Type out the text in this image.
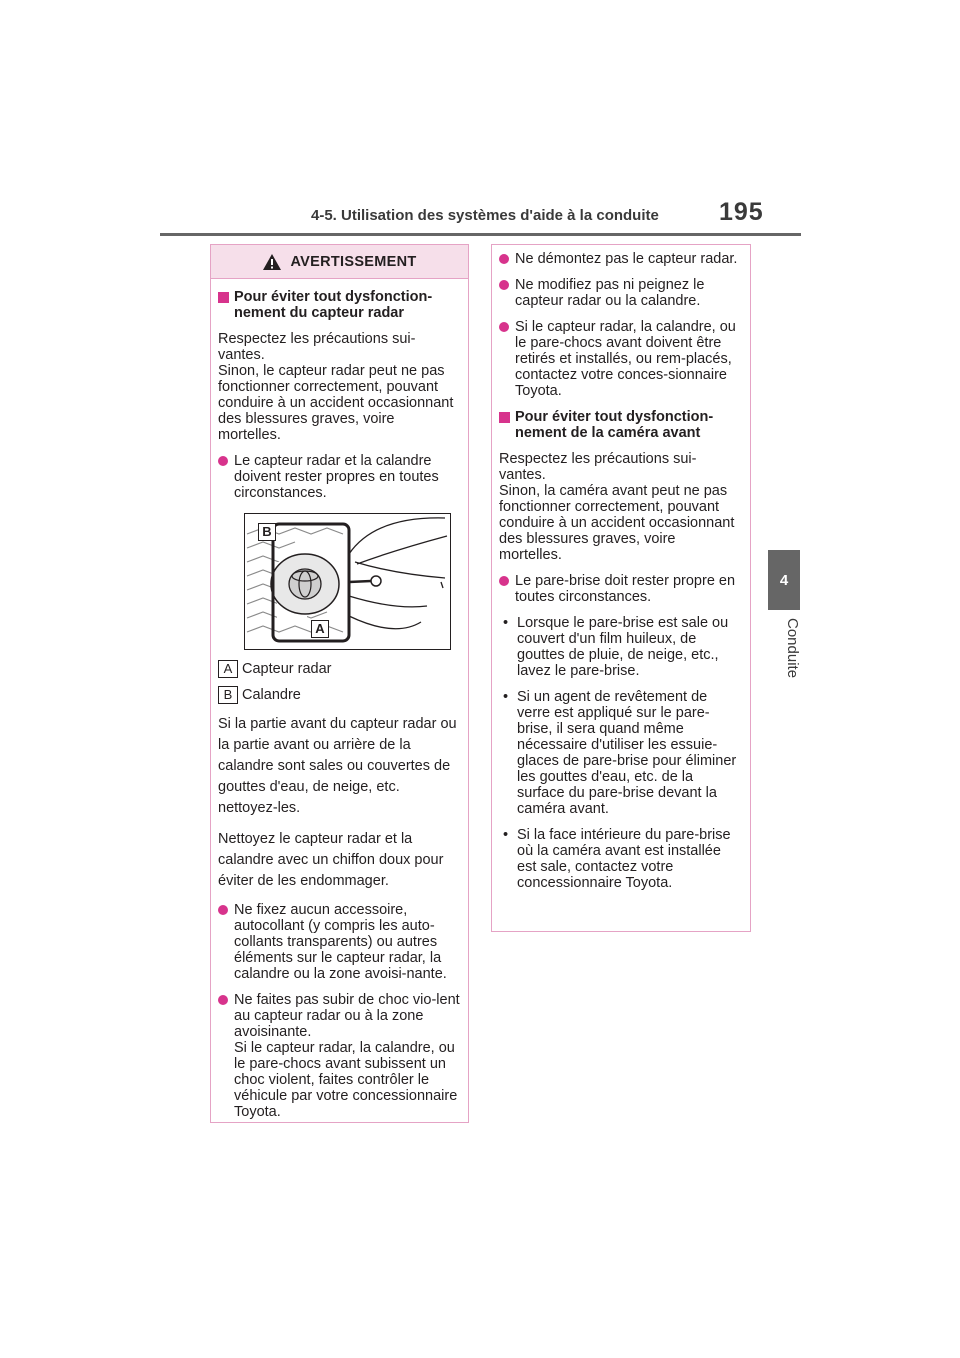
4-5. Utilisation des systèmes d'aide à la conduite 195
4
Conduite
AVERTISSEMENT
Pour éviter tout dysfonction-nement du capteur radar

Respectez les précautions sui-vantes.

Sinon, le capteur radar peut ne pas fonctionner correctement, pouvant conduire à un accident occasionnant des blessures graves, voire mortelles.
Le capteur radar et la calandre doivent rester propres en toutes circonstances.
B
A
A Capteur radar
B Calandre

Si la partie avant du capteur radar ou la partie avant ou arrière de la calandre sont sales ou couvertes de gouttes d'eau, de neige, etc. nettoyez-les.

Nettoyez le capteur radar et la calandre avec un chiffon doux pour éviter de les endommager.

Ne fixez aucun accessoire, autocollant (y compris les auto-collants transparents) ou autres éléments sur le capteur radar, la calandre ou la zone avoisi-nante.
Ne faites pas subir de choc vio-lent au capteur radar ou à la zone avoisinante.
Si le capteur radar, la calandre, ou le pare-chocs avant subissent un choc violent, faites contrôler le véhicule par votre concessionnaire Toyota.
Ne démontez pas le capteur radar.
Ne modifiez pas ni peignez le capteur radar ou la calandre.
Si le capteur radar, la calandre, ou le pare-chocs avant doivent être retirés et installés, ou rem-placés, contactez votre conces-sionnaire Toyota.
Pour éviter tout dysfonction-nement de la caméra avant

Respectez les précautions sui-vantes.

Sinon, la caméra avant peut ne pas fonctionner correctement, pouvant conduire à un accident occasionnant des blessures graves, voire mortelles.
Le pare-brise doit rester propre en toutes circonstances.
• Lorsque le pare-brise est sale ou couvert d'un film huileux, de gouttes de pluie, de neige, etc., lavez le pare-brise.
• Si un agent de revêtement de verre est appliqué sur le pare-brise, il sera quand même nécessaire d'utiliser les essuie-glaces de pare-brise pour éliminer les gouttes d'eau, etc. de la surface du pare-brise devant la caméra avant.
• Si la face intérieure du pare-brise où la caméra avant est installée est sale, contactez votre concessionnaire Toyota.
